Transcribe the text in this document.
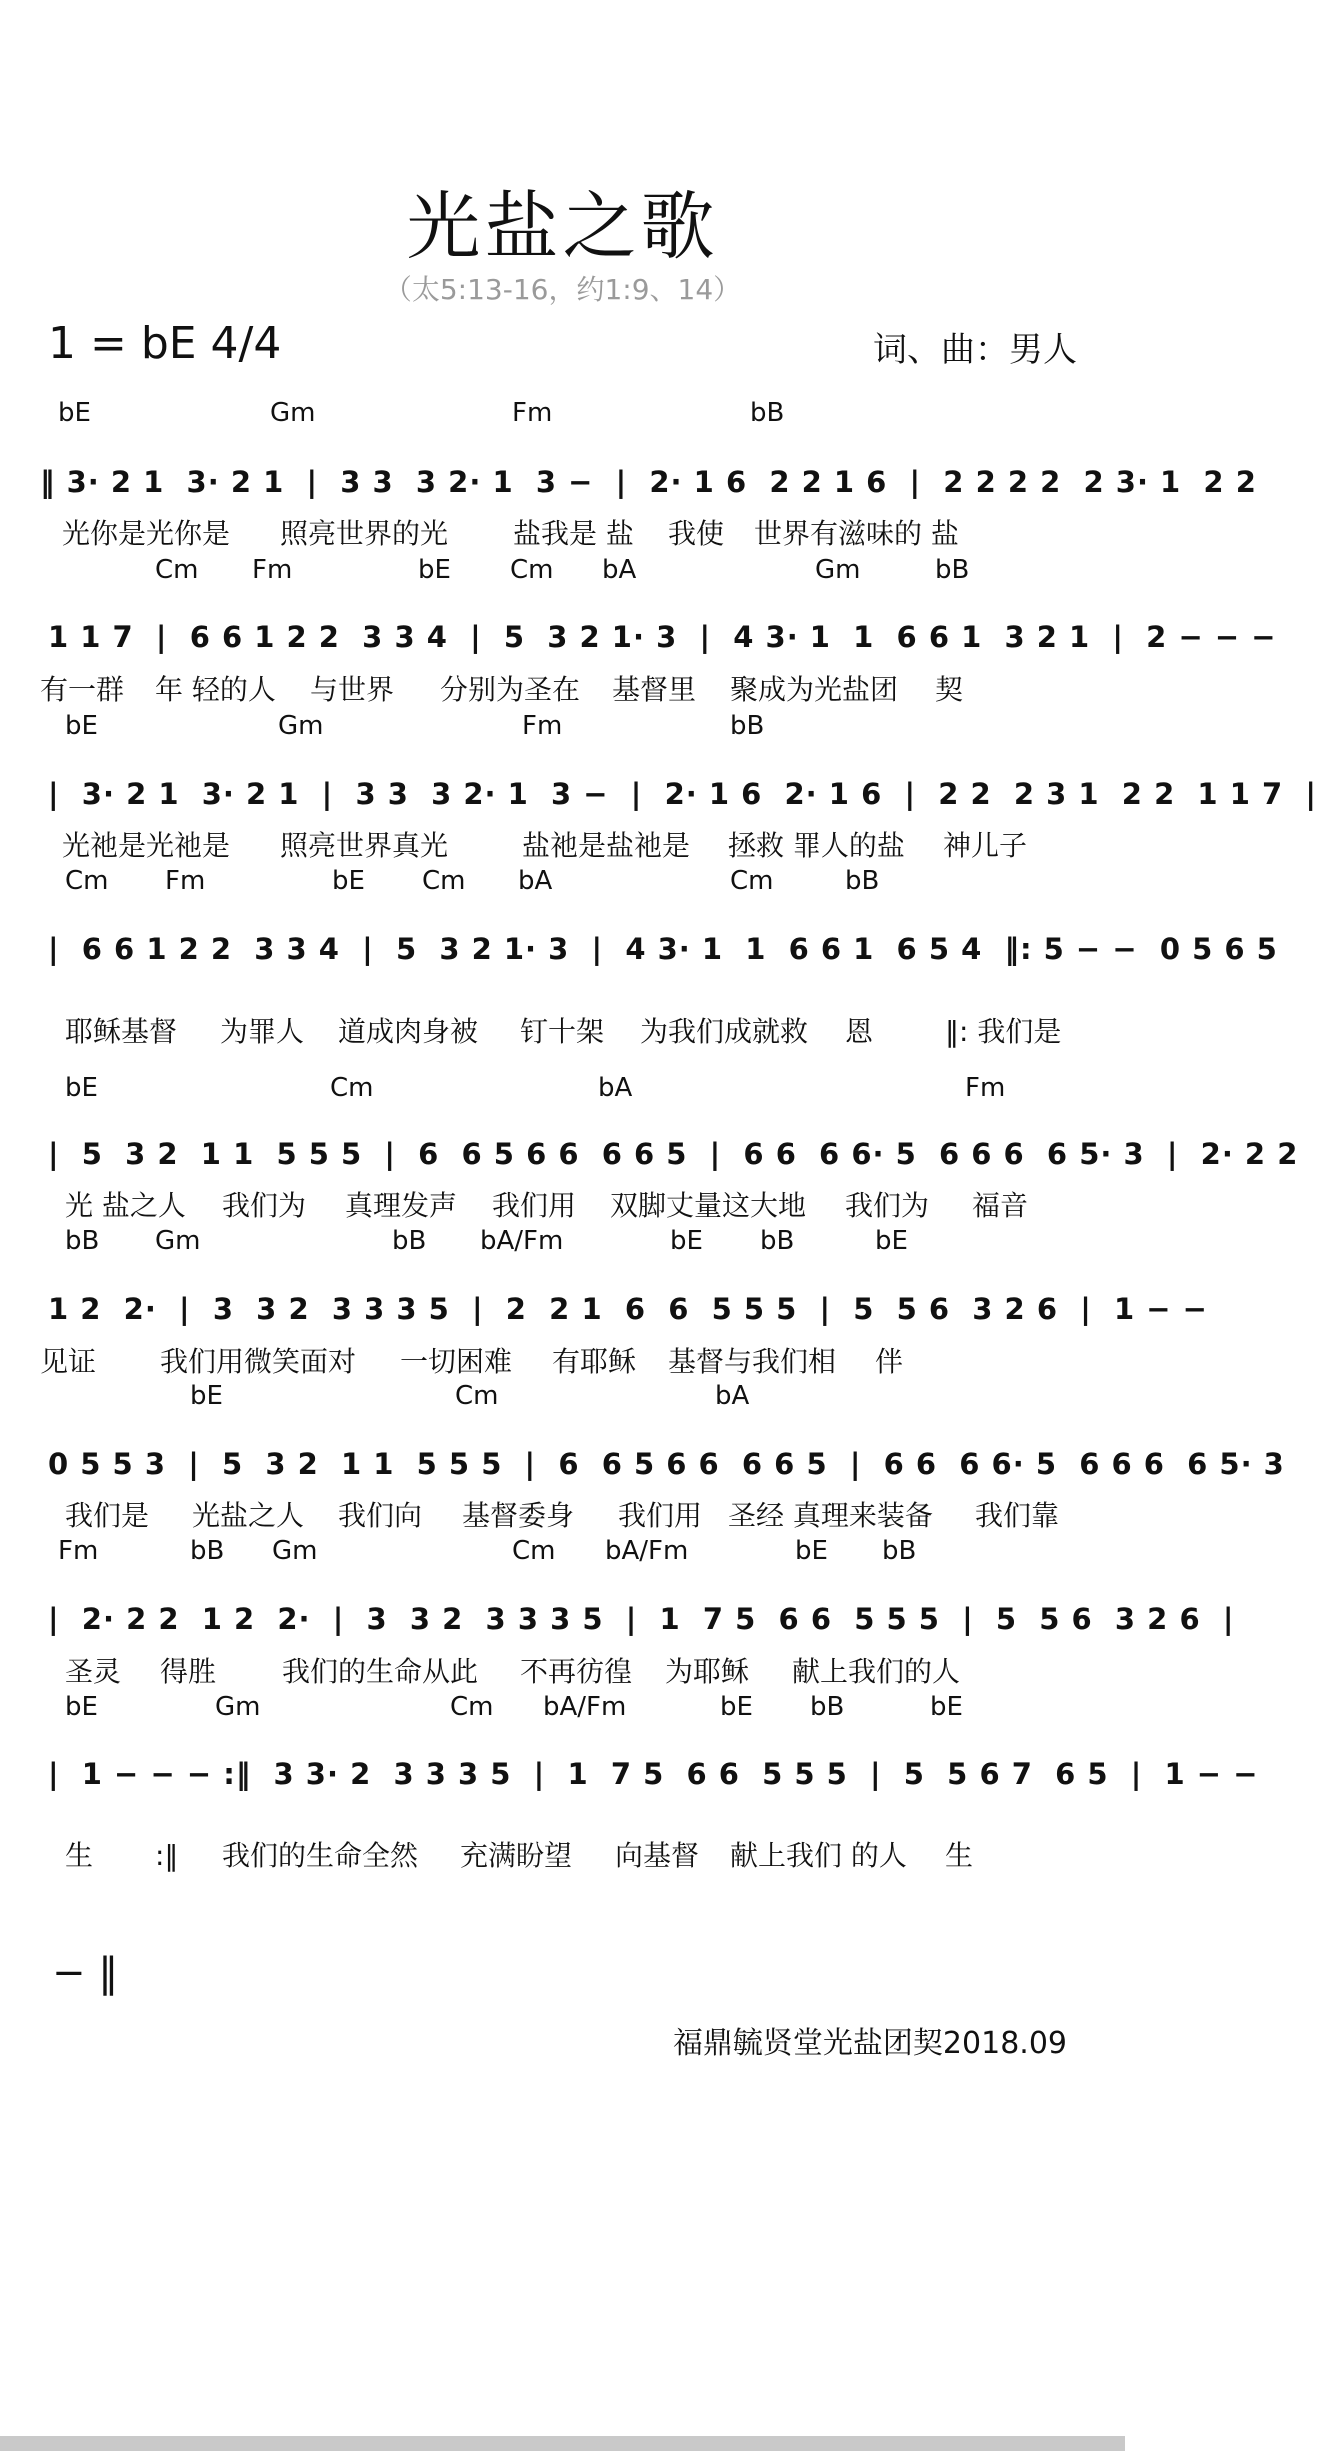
光盐之歌
（太5:13-16，约1:9、14）
1 = bE 4/4	词、曲：男人
bE	Gm	Fm	bB
‖ 3· 2 1  3· 2 1  |  3 3  3 2· 1  3 −  |  2· 1 6  2 2 1 6  |  2 2 2 2  2 3· 1  2 2
光你是光你是 照亮世界的光 盐我是 盐 我使 世界有滋味的 盐
Cm Fm	bE Cm bA	Gm	bB
1 1 7  |  6 6 1 2 2  3 3 4  |  5  3 2 1· 3  |  4 3· 1  1  6 6 1  3 2 1  |  2 − − −
有一群 年 轻的人 与世界 分别为圣在 基督里 聚成为光盐团 契
bE	Gm	Fm	bB
|  3· 2 1  3· 2 1  |  3 3  3 2· 1  3 −  |  2· 1 6  2· 1 6  |  2 2  2 3 1  2 2  1 1 7  |
光祂是光祂是 照亮世界真光	盐祂是盐祂是 拯救 罪人的盐 神儿子
Cm Fm	bE Cm bA	Cm	bB
|  6 6 1 2 2  3 3 4  |  5  3 2 1· 3  |  4 3· 1  1  6 6 1  6 5 4  ‖: 5 − −  0 5 6 5
耶稣基督 为罪人 道成肉身被 钉十架 为我们成就救 恩	‖: 我们是
bE	Cm	bA	Fm
|  5  3 2  1 1  5 5 5  |  6  6 5 6 6  6 6 5  |  6 6  6 6· 5  6 6 6  6 5· 3  |  2· 2 2
光 盐之人 我们为 真理发声 我们用 双脚丈量这大地 我们为 福音
bB Gm	bB bA/Fm	bE bB	bE
1 2  2·  |  3  3 2  3 3 3 5  |  2  2 1  6  6  5 5 5  |  5  5 6  3 2 6  |  1 − −
见证 我们用微笑面对 一切困难 有耶稣 基督与我们相 伴
bE	Cm	bA
0 5 5 3  |  5  3 2  1 1  5 5 5  |  6  6 5 6 6  6 6 5  |  6 6  6 6· 5  6 6 6  6 5· 3
我们是 光盐之人 我们向 基督委身 我们用 圣经 真理来装备 我们靠
Fm	bB Gm	Cm bA/Fm	bE bB
|  2· 2 2  1 2  2·  |  3  3 2  3 3 3 5  |  1  7 5  6 6  5 5 5  |  5  5 6  3 2 6  |
圣灵 得胜 我们的生命从此 不再彷徨 为耶稣 献上我们的人
bE	Gm	Cm bA/Fm	bE bB	bE
|  1 − − − :‖  3 3· 2  3 3 3 5  |  1  7 5  6 6  5 5 5  |  5  5 6 7  6 5  |  1 − −
生 :‖ 我们的生命全然 充满盼望 向基督 献上我们 的人 生
− ‖
福鼎毓贤堂光盐团契2018.09
